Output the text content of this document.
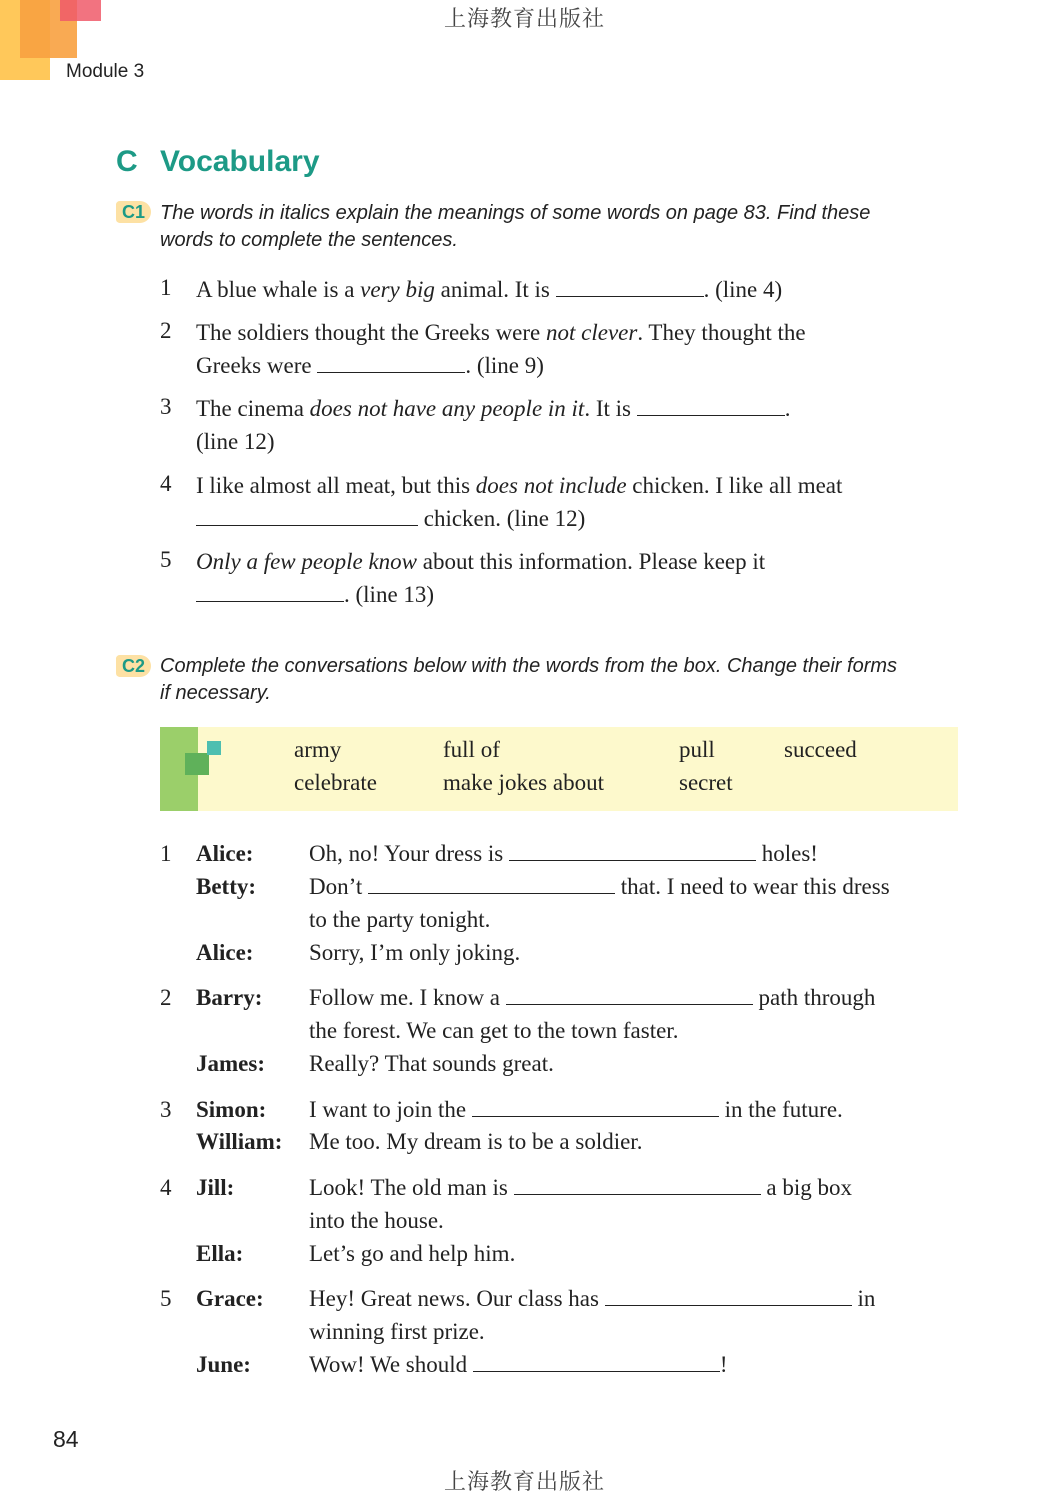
上海教育出版社
Module 3
C Vocabulary
C1 The words in italics explain the meanings of some words on page 83. Find these
words to complete the sentences.
1 A blue whale is a very big animal. It is	. (line 4)
2 The soldiers thought the Greeks were not clever. They thought the
Greeks were	. (line 9)
3 The cinema does not have any people in it. It is	.
(line 12)
4 I like almost all meat, but this does not include chicken. I like all meat
chicken. (line 12)
5 Only a few people know about this information. Please keep it
. (line 13)
C2 Complete the conversations below with the words from the box. Change their forms
if necessary.
army	full of	pull	succeed
celebrate	make jokes about	secret
1 Alice: Oh, no! Your dress is	holes!
Betty: Don’t	that. I need to wear this dress
to the party tonight.
Alice: Sorry, I’m only joking.
2 Barry: Follow me. I know a	path through
the forest. We can get to the town faster.
James: Really? That sounds great.
3 Simon: I want to join the	in the future.
William: Me too. My dream is to be a soldier.
4 Jill:	Look! The old man is	a big box
into the house.
Ella:	Let’s go and help him.
5 Grace: Hey! Great news. Our class has	in
winning first prize.
June:	Wow! We should	!
84
上海教育出版社
